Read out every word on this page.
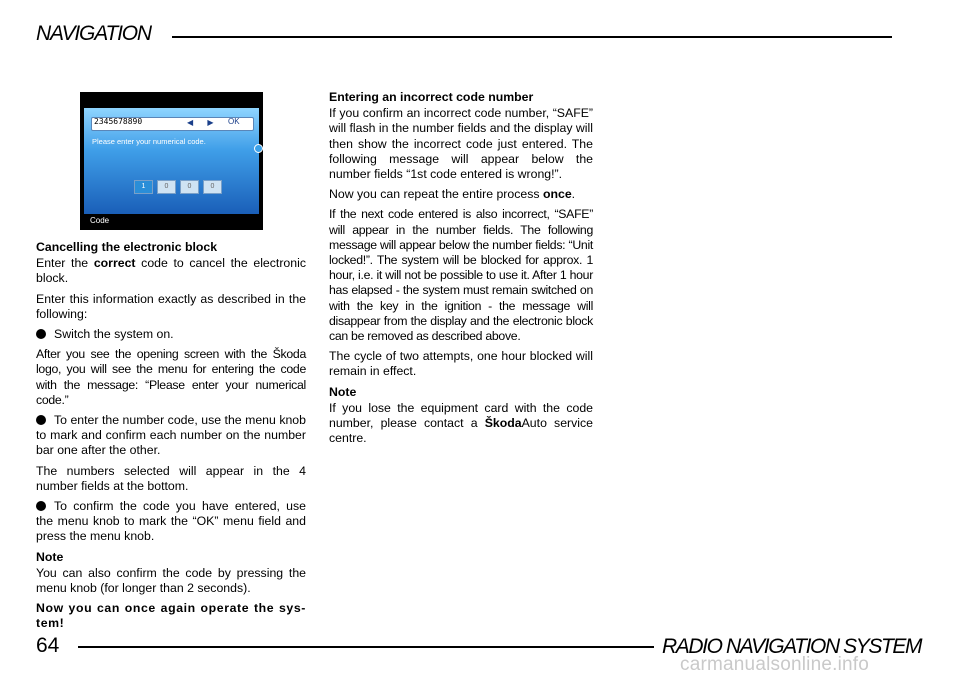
NAVIGATION
2345678890	◀ ▶ OK
Please enter your numerical code.
1	0	0	0
Code

Cancelling the electronic block

Enter the correct code to cancel the electronic block.

Enter this information exactly as described in the following:

Switch the system on.

After you see the opening screen with the Škoda logo, you will see the menu for entering the code with the message: “Please enter your numerical code.”

To enter the number code, use the menu knob to mark and confirm each number on the number bar one after the other.

The numbers selected will appear in the 4 number fields at the bottom.

To confirm the code you have entered, use the menu knob to mark the “OK” menu field and press the menu knob.

Note

You can also confirm the code by pressing the menu knob (for longer than 2 seconds).

Now you can once again operate the sys-tem!

Entering an incorrect code number

If you confirm an incorrect code number, “SAFE” will flash in the number fields and the display will then show the incorrect code just entered. The following message will appear below the number fields “1st code entered is wrong!”.

Now you can repeat the entire process once.

If the next code entered is also incorrect, “SAFE” will appear in the number fields. The following message will appear below the number fields: “Unit locked!”. The system will be blocked for approx. 1 hour, i.e. it will not be possible to use it. After 1 hour has elapsed - the system must remain switched on with the key in the ignition - the message will disappear from the display and the electronic block can be removed as described above.

The cycle of two attempts, one hour blocked will remain in effect.

Note

If you lose the equipment card with the code number, please contact a ŠkodaAuto service centre.

64	RADIO NAVIGATION SYSTEM
carmanualsonline.info
